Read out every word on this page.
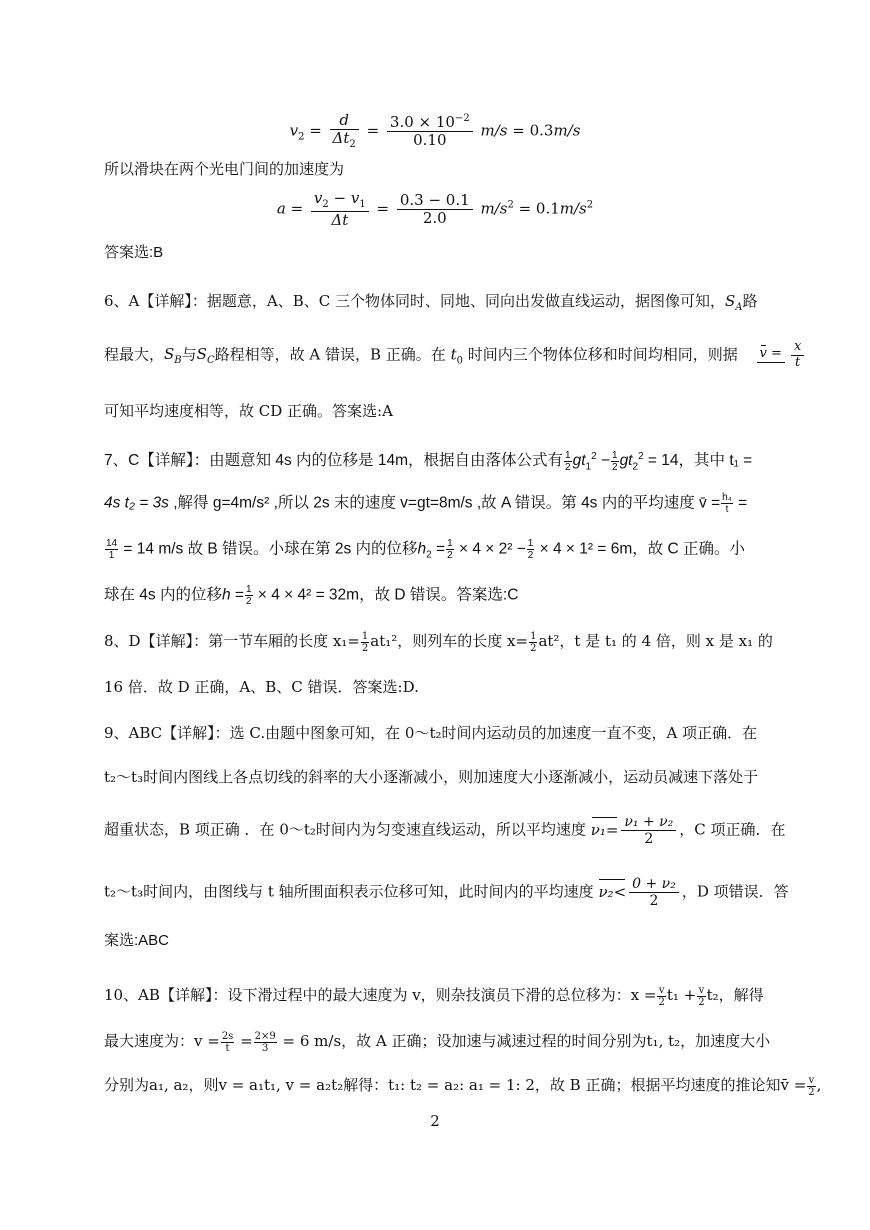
$v_2 = \frac{d}{\Delta t_2} = \frac{3.0 \times 10^{-2}}{0.10} m/s = 0.3m/s$
所以滑块在两个光电门间的加速度为
$a = \frac{v_2 - v_1}{\Delta t} = \frac{0.3 - 0.1}{2.0} m/s^2 = 0.1m/s^2$
答案选:B
6、A【详解】：据题意，A、B、C 三个物体同时、同地、同向出发做直线运动，据图像可知，$S_A$路
程最大，$S_B$与$S_C$路程相等，故 A 错误，B 正确。在 $t_0$ 时间内三个物体位移和时间均相同，则据 $v = \frac{x}{t}$
可知平均速度相等，故 CD 正确。答案选:A
7、C【详解】：由题意知 4s 内的位移是 14m，根据自由落体公式有 $\frac{1}{2} gt_1^2 - \frac{1}{2} gt_2^2 = 14$，其中 t₁ =
4s t₂ = 3s ,解得 g=4m/s² ,所以 2s 末的速度 v=gt=8m/s ,故 A 错误。第 4s 内的平均速度 v̄ = $\frac{\text{h₄}}{t}$ =
$\frac{14}{1} = 14$ m/s 故 B 错误。小球在第 2s 内的位移$h_2 = \frac{1}{2} \times 4 \times 2^2 - \frac{1}{2} \times 4 \times 1^2 = 6m$，故 C 正确。小
球在 4s 内的位移$h = \frac{1}{2} \times 4 \times 4^2 = 32m$，故 D 错误。答案选:C
8、D【详解】：第一节车厢的长度 $x_1= \frac{1}{2} at_1^2$，则列车的长度 $x= \frac{1}{2} at^2$，t 是 t₁ 的 4 倍，则 x 是 x₁ 的
16 倍．故 D 正确，A、B、C 错误．答案选:D.
9、ABC【详解】：选 C.由题中图象可知，在 0～t₂时间内运动员的加速度一直不变，A 项正确．在
t₂～t₃时间内图线上各点切线的斜率的大小逐渐减小，则加速度大小逐渐减小，运动员减速下落处于
超重状态，B 项正确 ．在 0～t₂时间内为匀变速直线运动，所以平均速度 $\nu_1= \frac{\text{ν₁ + ν₂}}{2}$ ，C 项正确．在
t₂～t₃时间内，由图线与 t 轴所围面积表示位移可知，此时间内的平均速度 $\nu_2< \frac{\text{0 + ν₂}}{2}$ ，D 项错误．答
案选:ABC
10、AB【详解】：设下滑过程中的最大速度为 v，则杂技演员下滑的总位移为：$x = \frac{v}{2} t_1 + \frac{v}{2} t_2$，解得
最大速度为：$v = \frac{2s}{t} = \frac{2\times 9}{3} = 6$ m/s，故 A 正确；设加速与减速过程的时间分别为t₁, t₂，加速度大小
分别为a₁, a₂，则v = a₁t₁, v = a₂t₂解得：t₁: t₂ = a₂: a₁ = 1: 2，故 B 正确；根据平均速度的推论知v̄ = $\frac{v}{2}$ ,
2
